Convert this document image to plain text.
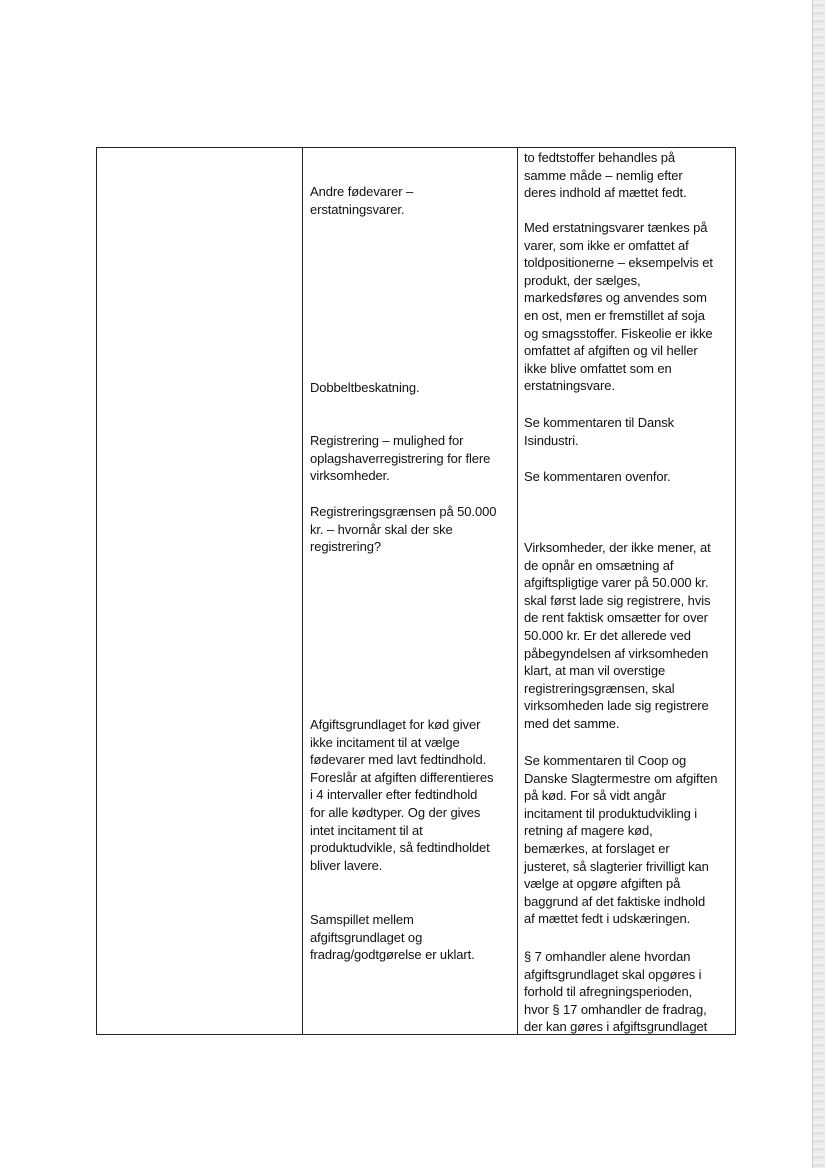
Andre fødevarer –
erstatningsvarer.
Dobbeltbeskatning.
Registrering – mulighed for
oplagshaverregistrering for flere
virksomheder.
Registreringsgrænsen på 50.000
kr. – hvornår skal der ske
registrering?
Afgiftsgrundlaget for kød giver
ikke incitament til at vælge
fødevarer med lavt fedtindhold.
Foreslår at afgiften differentieres
i 4 intervaller efter fedtindhold
for alle kødtyper. Og der gives
intet incitament til at
produktudvikle, så fedtindholdet
bliver lavere.
Samspillet mellem
afgiftsgrundlaget og
fradrag/godtgørelse er uklart.
to fedtstoffer behandles på
samme måde – nemlig efter
deres indhold af mættet fedt.
Med erstatningsvarer tænkes på
varer, som ikke er omfattet af
toldpositionerne – eksempelvis et
produkt, der sælges,
markedsføres og anvendes som
en ost, men er fremstillet af soja
og smagsstoffer. Fiskeolie er ikke
omfattet af afgiften og vil heller
ikke blive omfattet som en
erstatningsvare.
Se kommentaren til Dansk
Isindustri.
Se kommentaren ovenfor.
Virksomheder, der ikke mener, at
de opnår en omsætning af
afgiftspligtige varer på 50.000 kr.
skal først lade sig registrere, hvis
de rent faktisk omsætter for over
50.000 kr. Er det allerede ved
påbegyndelsen af virksomheden
klart, at man vil overstige
registreringsgrænsen, skal
virksomheden lade sig registrere
med det samme.
Se kommentaren til Coop og
Danske Slagtermestre om afgiften
på kød. For så vidt angår
incitament til produktudvikling i
retning af magere kød,
bemærkes, at forslaget er
justeret, så slagterier frivilligt kan
vælge at opgøre afgiften på
baggrund af det faktiske indhold
af mættet fedt i udskæringen.
§ 7 omhandler alene hvordan
afgiftsgrundlaget skal opgøres i
forhold til afregningsperioden,
hvor § 17 omhandler de fradrag,
der kan gøres i afgiftsgrundlaget
